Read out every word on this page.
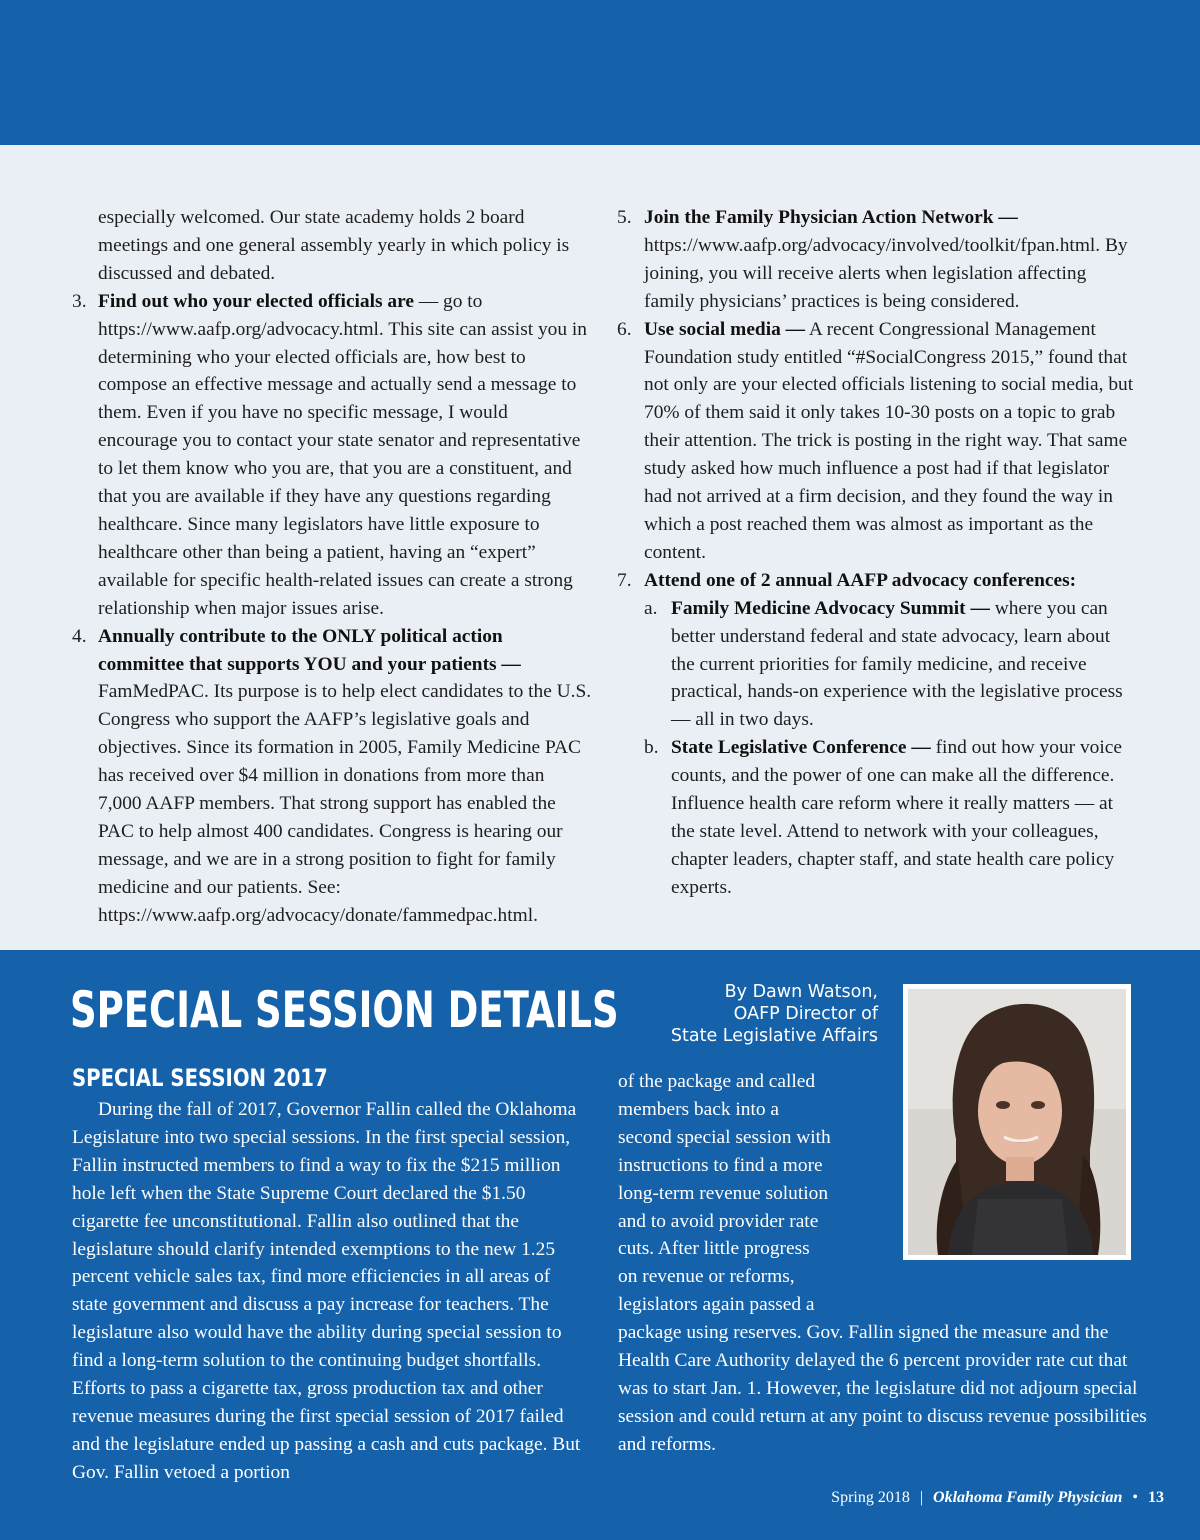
especially welcomed. Our state academy holds 2 board meetings and one general assembly yearly in which policy is discussed and debated.

3. Find out who your elected officials are — go to https://www.aafp.org/advocacy.html. This site can assist you in determining who your elected officials are, how best to compose an effective message and actually send a message to them. Even if you have no specific message, I would encourage you to contact your state senator and representative to let them know who you are, that you are a constituent, and that you are available if they have any questions regarding healthcare. Since many legislators have little exposure to healthcare other than being a patient, having an “expert” available for specific health-related issues can create a strong relationship when major issues arise.
4. Annually contribute to the ONLY political action committee that supports YOU and your patients — FamMedPAC. Its purpose is to help elect candidates to the U.S. Congress who support the AAFP’s legislative goals and objectives. Since its formation in 2005, Family Medicine PAC has received over $4 million in donations from more than 7,000 AAFP members. That strong support has enabled the PAC to help almost 400 candidates. Congress is hearing our message, and we are in a strong position to fight for family medicine and our patients. See: https://www.aafp.org/advocacy/donate/fammedpac.html.
5. Join the Family Physician Action Network — https://www.aafp.org/advocacy/involved/toolkit/fpan.html. By joining, you will receive alerts when legislation affecting family physicians’ practices is being considered.
6. Use social media — A recent Congressional Management Foundation study entitled “#SocialCongress 2015,” found that not only are your elected officials listening to social media, but 70% of them said it only takes 10-30 posts on a topic to grab their attention. The trick is posting in the right way. That same study asked how much influence a post had if that legislator had not arrived at a firm decision, and they found the way in which a post reached them was almost as important as the content.
7. Attend one of 2 annual AAFP advocacy conferences:
a. Family Medicine Advocacy Summit — where you can better understand federal and state advocacy, learn about the current priorities for family medicine, and receive practical, hands-on experience with the legislative process — all in two days.
b. State Legislative Conference — find out how your voice counts, and the power of one can make all the difference. Influence health care reform where it really matters — at the state level. Attend to network with your colleagues, chapter leaders, chapter staff, and state health care policy experts.
SPECIAL SESSION DETAILS	By Dawn Watson,
OAFP Director of
State Legislative Affairs
SPECIAL SESSION 2017

During the fall of 2017, Governor Fallin called the Oklahoma Legislature into two special sessions. In the first special session, Fallin instructed members to find a way to fix the $215 million hole left when the State Supreme Court declared the $1.50 cigarette fee unconstitutional. Fallin also outlined that the legislature should clarify intended exemptions to the new 1.25 percent vehicle sales tax, find more efficiencies in all areas of state government and discuss a pay increase for teachers. The legislature also would have the ability during special session to find a long-term solution to the continuing budget shortfalls. Efforts to pass a cigarette tax, gross production tax and other revenue measures during the first special session of 2017 failed and the legislature ended up passing a cash and cuts package. But Gov. Fallin vetoed a portion

of the package and called
members back into a
second special session with
instructions to find a more
long-term revenue solution
and to avoid provider rate
cuts. After little progress
on revenue or reforms,
legislators again passed a

package using reserves. Gov. Fallin signed the measure and the Health Care Authority delayed the 6 percent provider rate cut that was to start Jan. 1. However, the legislature did not adjourn special session and could return at any point to discuss revenue possibilities and reforms.

Spring 2018 | Oklahoma Family Physician • 13
